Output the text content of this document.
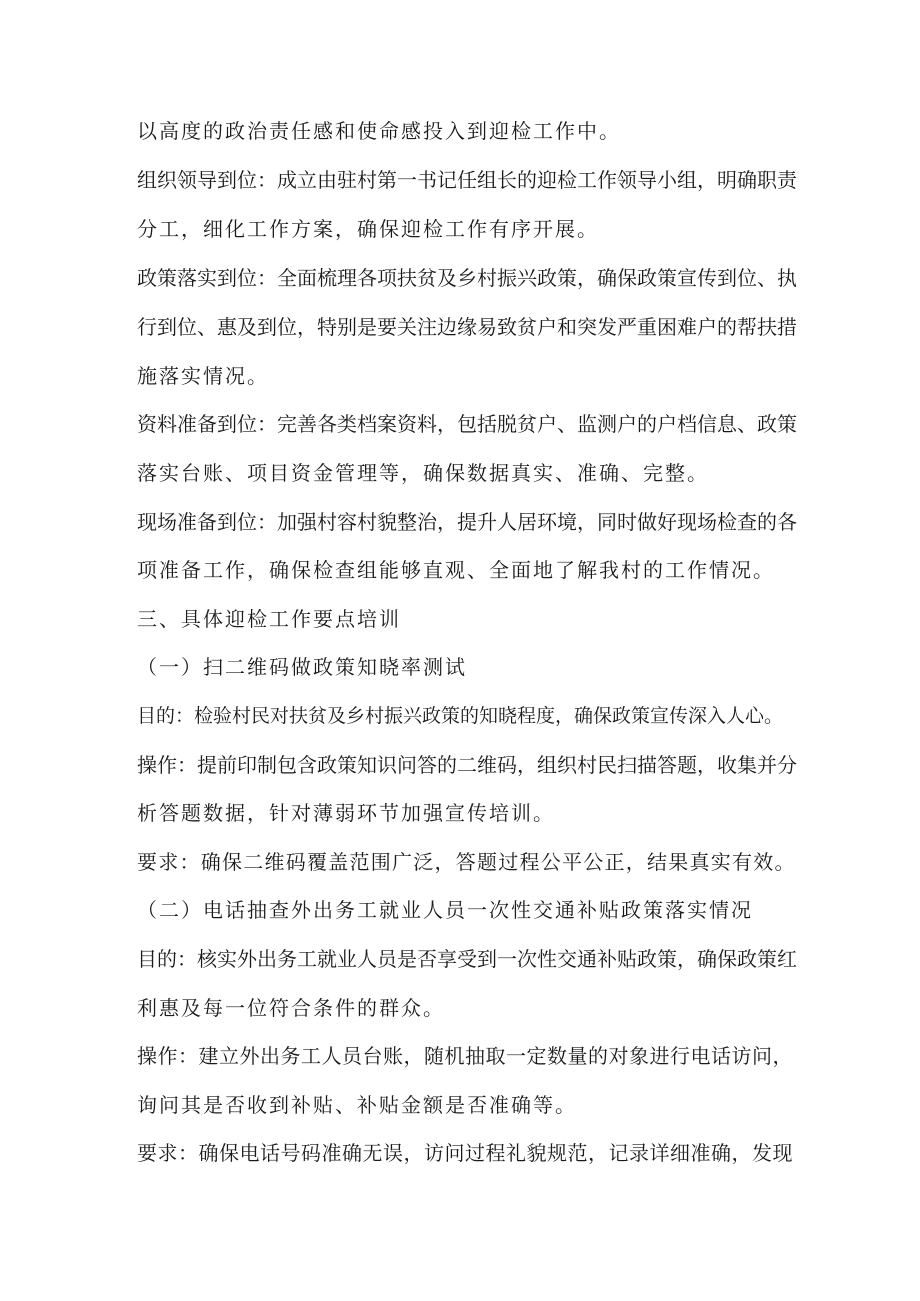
以高度的政治责任感和使命感投入到迎检工作中。

组织领导到位：成立由驻村第一书记任组长的迎检工作领导小组，明确职责

分工，细化工作方案，确保迎检工作有序开展。

政策落实到位：全面梳理各项扶贫及乡村振兴政策，确保政策宣传到位、执

行到位、惠及到位，特别是要关注边缘易致贫户和突发严重困难户的帮扶措

施落实情况。

资料准备到位：完善各类档案资料，包括脱贫户、监测户的户档信息、政策

落实台账、项目资金管理等，确保数据真实、准确、完整。

现场准备到位：加强村容村貌整治，提升人居环境，同时做好现场检查的各

项准备工作，确保检查组能够直观、全面地了解我村的工作情况。

三、具体迎检工作要点培训

（一）扫二维码做政策知晓率测试

目的：检验村民对扶贫及乡村振兴政策的知晓程度，确保政策宣传深入人心。

操作：提前印制包含政策知识问答的二维码，组织村民扫描答题，收集并分

析答题数据，针对薄弱环节加强宣传培训。

要求：确保二维码覆盖范围广泛，答题过程公平公正，结果真实有效。

（二）电话抽查外出务工就业人员一次性交通补贴政策落实情况

目的：核实外出务工就业人员是否享受到一次性交通补贴政策，确保政策红

利惠及每一位符合条件的群众。

操作：建立外出务工人员台账，随机抽取一定数量的对象进行电话访问，

询问其是否收到补贴、补贴金额是否准确等。

要求：确保电话号码准确无误，访问过程礼貌规范，记录详细准确，发现
